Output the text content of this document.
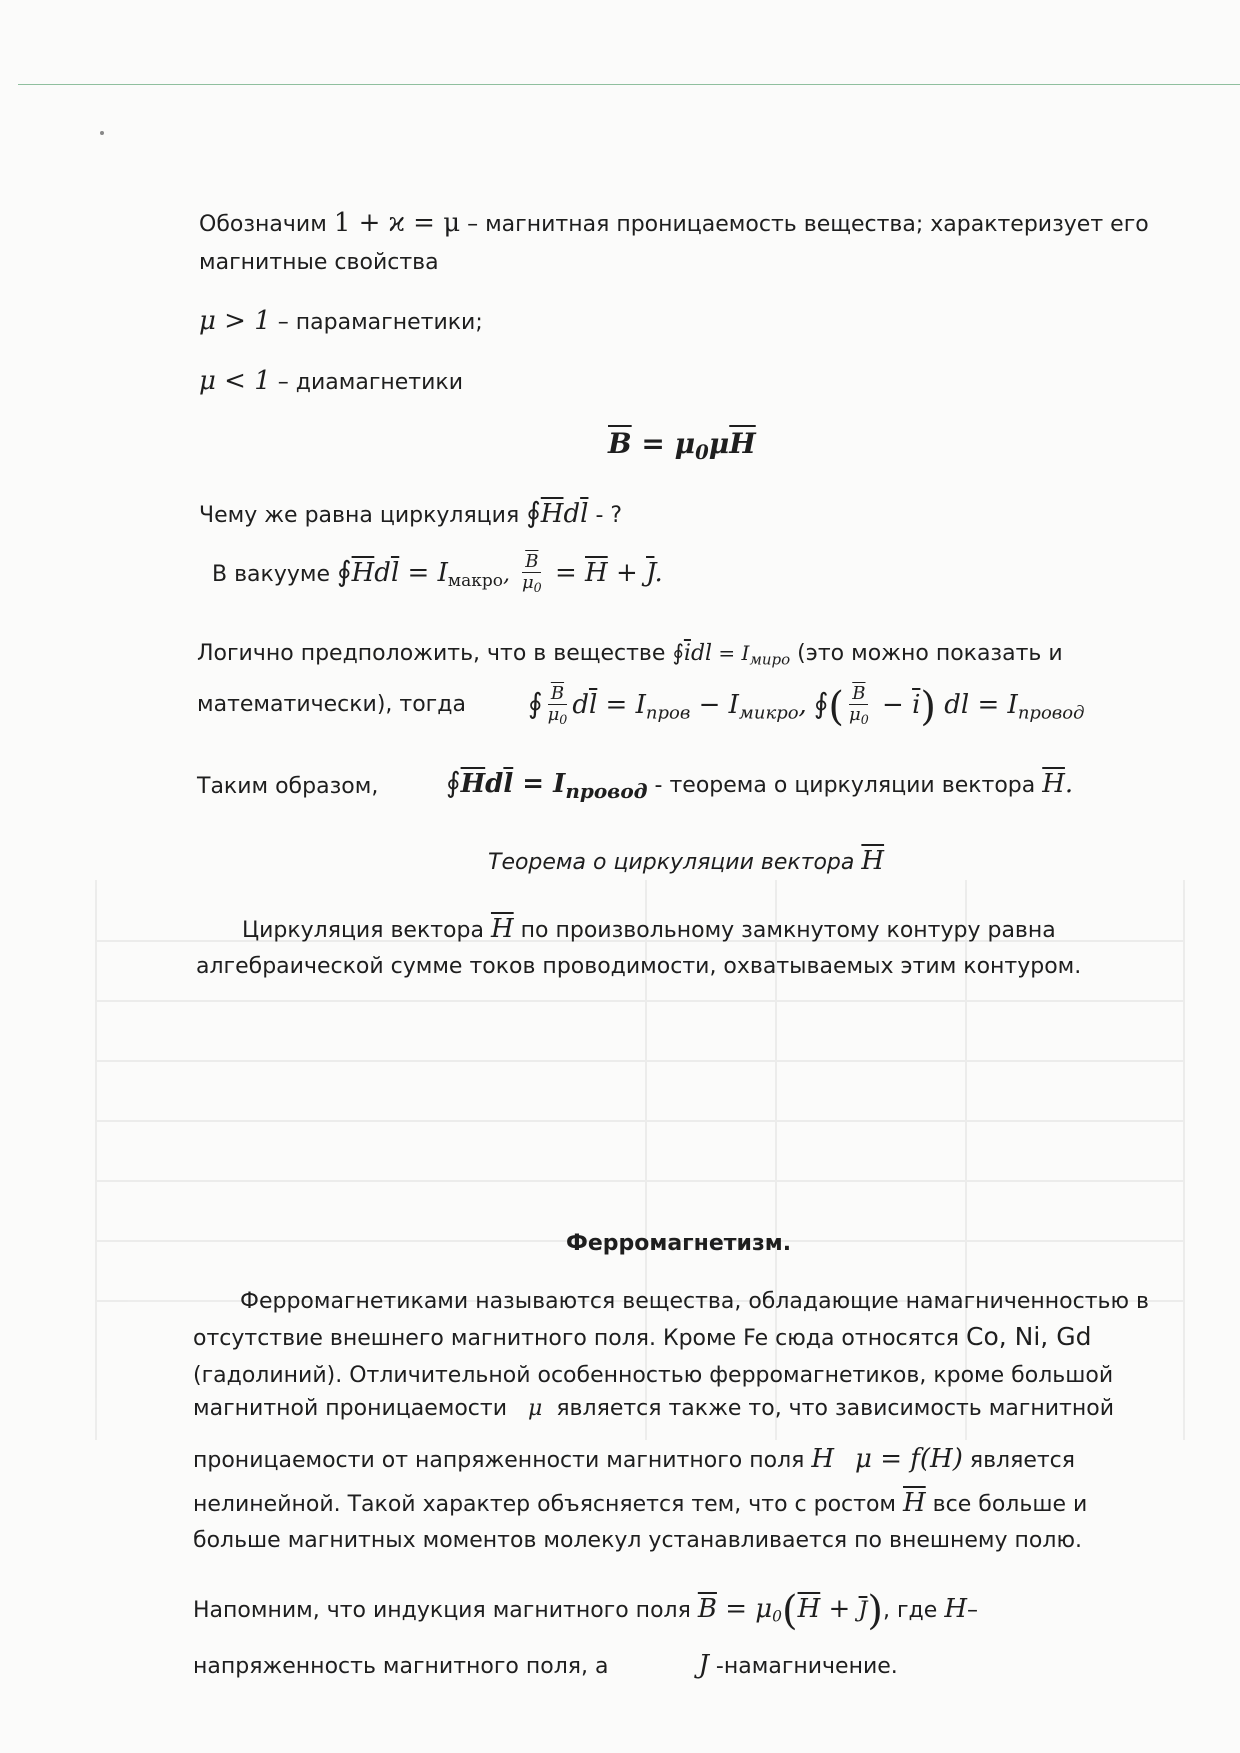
Обозначим 1 + ϰ = μ – магнитная проницаемость вещества; характеризует его
магнитные свойства
μ > 1 – парамагнетики;
μ < 1 – диамагнетики
$\overline{B} = \mu_0\mu\overline{H}$
Чему же равна циркуляция $∮\overline{H}d\overline{l}$ - ?
В вакууме $∮\overline{H}d\overline{l} = I_{макро}$, $\frac{\overline{B}}{\mu_0} = \overline{H} + \overline{J}$.
Логично предположить, что в веществе $∮\overline{i}dl = I_{миро}$ (это можно показать и
математически), тогда ∮ $\frac{\overline{B}}{\mu_0} d\overline{l} = I_{пров} - I_{микро}$, ∮( $\frac{\overline{B}}{\mu_0} - \overline{i}$) dl = $I_{провод}$
Таким образом, $∮\overline{H}d\overline{l}$ = Iпровод - теорема о циркуляции вектора $\overline{H}$.
Теорема о циркуляции вектора $\overline{H}$
Циркуляция вектора $\overline{H}$ по произвольному замкнутому контуру равна
алгебраической сумме токов проводимости, охватываемых этим контуром.
Ферромагнетизм.
Ферромагнетиками называются вещества, обладающие намагниченностью в
отсутствие внешнего магнитного поля. Кроме Fe сюда относятся Co, Ni, Gd
(гадолиний). Отличительной особенностью ферромагнетиков, кроме большой
магнитной проницаемости   μ  является также то, что зависимость магнитной
проницаемости от напряженности магнитного поля H μ = f(H) является
нелинейной. Такой характер объясняется тем, что с ростом $\overline{H}$ все больше и
больше магнитных моментов молекул устанавливается по внешнему полю.
Напомним, что индукция магнитного поля $\overline{B} = \mu_0(\overline{H} + \overline{J})$, где H–
напряженность магнитного поля, а	J -намагничение.
